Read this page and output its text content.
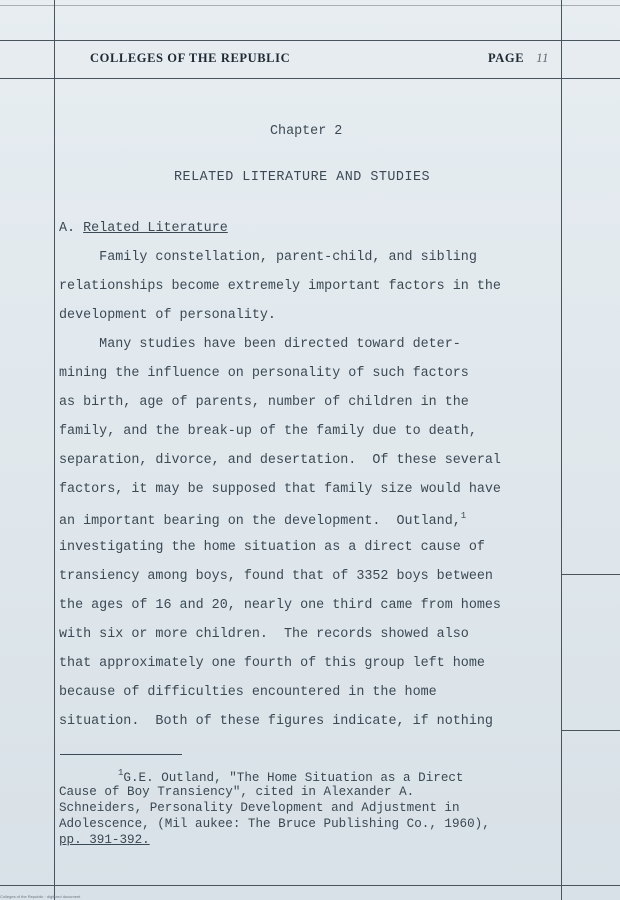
COLLEGES OF THE REPUBLIC	PAGE 11
Chapter 2
RELATED LITERATURE AND STUDIES
A. Related Literature
Family constellation, parent-child, and sibling
relationships become extremely important factors in the
development of personality.
Many studies have been directed toward deter-
mining the influence on personality of such factors
as birth, age of parents, number of children in the
family, and the break-up of the family due to death,
separation, divorce, and desertation.  Of these several
factors, it may be supposed that family size would have
an important bearing on the development.  Outland,$^1$
investigating the home situation as a direct cause of
transiency among boys, found that of 3352 boys between
the ages of 16 and 20, nearly one third came from homes
with six or more children.  The records showed also
that approximately one fourth of this group left home
because of difficulties encountered in the home
situation.  Both of these figures indicate, if nothing
$^1$G.E. Outland, "The Home Situation as a Direct
Cause of Boy Transiency", cited in Alexander A.
Schneiders, Personality Development and Adjustment in
Adolescence, (Mil aukee: The Bruce Publishing Co., 1960),
pp. 391-392.
Colleges of the Republic · digitized document
